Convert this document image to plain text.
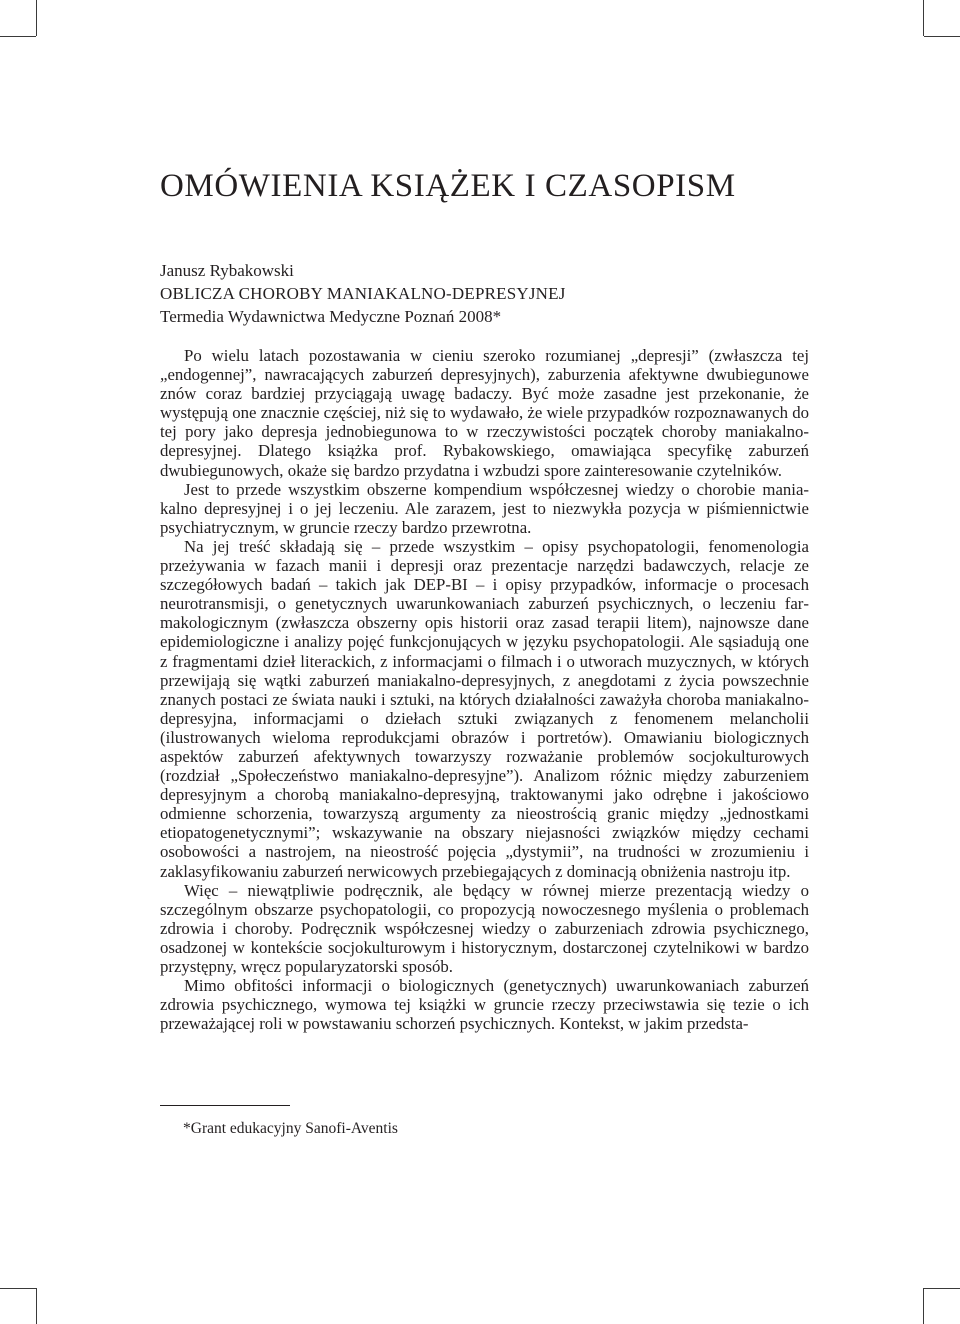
OMÓWIENIA KSIĄŻEK I CZASOPISM
Janusz Rybakowski
OBLICZA CHOROBY MANIAKALNO-DEPRESYJNEJ
Termedia Wydawnictwa Medyczne Poznań 2008*

Po wielu latach pozostawania w cieniu szeroko rozumianej „depresji” (zwłaszcza tej „endogennej”, nawracających zaburzeń depresyjnych), zaburzenia afektywne dwubiegunowe znów coraz bardziej przyciągają uwagę badaczy. Być może zasadne jest przekonanie, że występują one znacznie częściej, niż się to wydawało, że wiele przypadków rozpoznawanych do tej pory jako depresja jednobiegunowa to w rzeczywistości początek choroby maniakalno-depresyjnej. Dlatego książka prof. Rybakowskiego, omawiająca specyfikę zaburzeń dwubiegunowych, okaże się bardzo przydatna i wzbudzi spore zainteresowanie czytelników.

Jest to przede wszystkim obszerne kompendium współczesnej wiedzy o chorobie maniakalno depresyjnej i o jej leczeniu. Ale zarazem, jest to niezwykła pozycja w piśmiennictwie psychiatrycznym, w gruncie rzeczy bardzo przewrotna.

Na jej treść składają się – przede wszystkim – opisy psychopatologii, fenomenologia przeżywania w fazach manii i depresji oraz prezentacje narzędzi badawczych, relacje ze szczegółowych badań – takich jak DEP-BI – i opisy przypadków, informacje o procesach neurotransmisji, o genetycznych uwarunkowaniach zaburzeń psychicznych, o leczeniu farmakologicznym (zwłaszcza obszerny opis historii oraz zasad terapii litem), najnowsze dane epidemiologiczne i analizy pojęć funkcjonujących w języku psychopatologii. Ale sąsiadują one z fragmentami dzieł literackich, z informacjami o filmach i o utworach muzycznych, w których przewijają się wątki zaburzeń maniakalno-depresyjnych, z anegdotami z życia powszechnie znanych postaci ze świata nauki i sztuki, na których działalności zaważyła choroba maniakalno-depresyjna, informacjami o dziełach sztuki związanych z fenomenem melancholii (ilustrowanych wieloma reprodukcjami obrazów i portretów). Omawianiu biologicznych aspektów zaburzeń afektywnych towarzyszy rozważanie problemów socjokulturowych (rozdział „Społeczeństwo maniakalno-depresyjne”). Analizom różnic między zaburzeniem depresyjnym a chorobą maniakalno-depresyjną, traktowanymi jako odrębne i jakościowo odmienne schorzenia, towarzyszą argumenty za nieostrością granic między „jednostkami etiopatogenetycznymi”; wskazywanie na obszary niejasności związków między cechami osobowości a nastrojem, na nieostrość pojęcia „dystymii”, na trudności w zrozumieniu i zaklasyfikowaniu zaburzeń nerwicowych przebiegających z dominacją obniżenia nastroju itp.

Więc – niewątpliwie podręcznik, ale będący w równej mierze prezentacją wiedzy o szczególnym obszarze psychopatologii, co propozycją nowoczesnego myślenia o problemach zdrowia i choroby. Podręcznik współczesnej wiedzy o zaburzeniach zdrowia psychicznego, osadzonej w kontekście socjokulturowym i historycznym, dostarczonej czytelnikowi w bardzo przystępny, wręcz popularyzatorski sposób.

Mimo obfitości informacji o biologicznych (genetycznych) uwarunkowaniach zaburzeń zdrowia psychicznego, wymowa tej książki w gruncie rzeczy przeciwstawia się tezie o ich przeważającej roli w powstawaniu schorzeń psychicznych. Kontekst, w jakim przedsta-

*Grant edukacyjny Sanofi-Aventis
